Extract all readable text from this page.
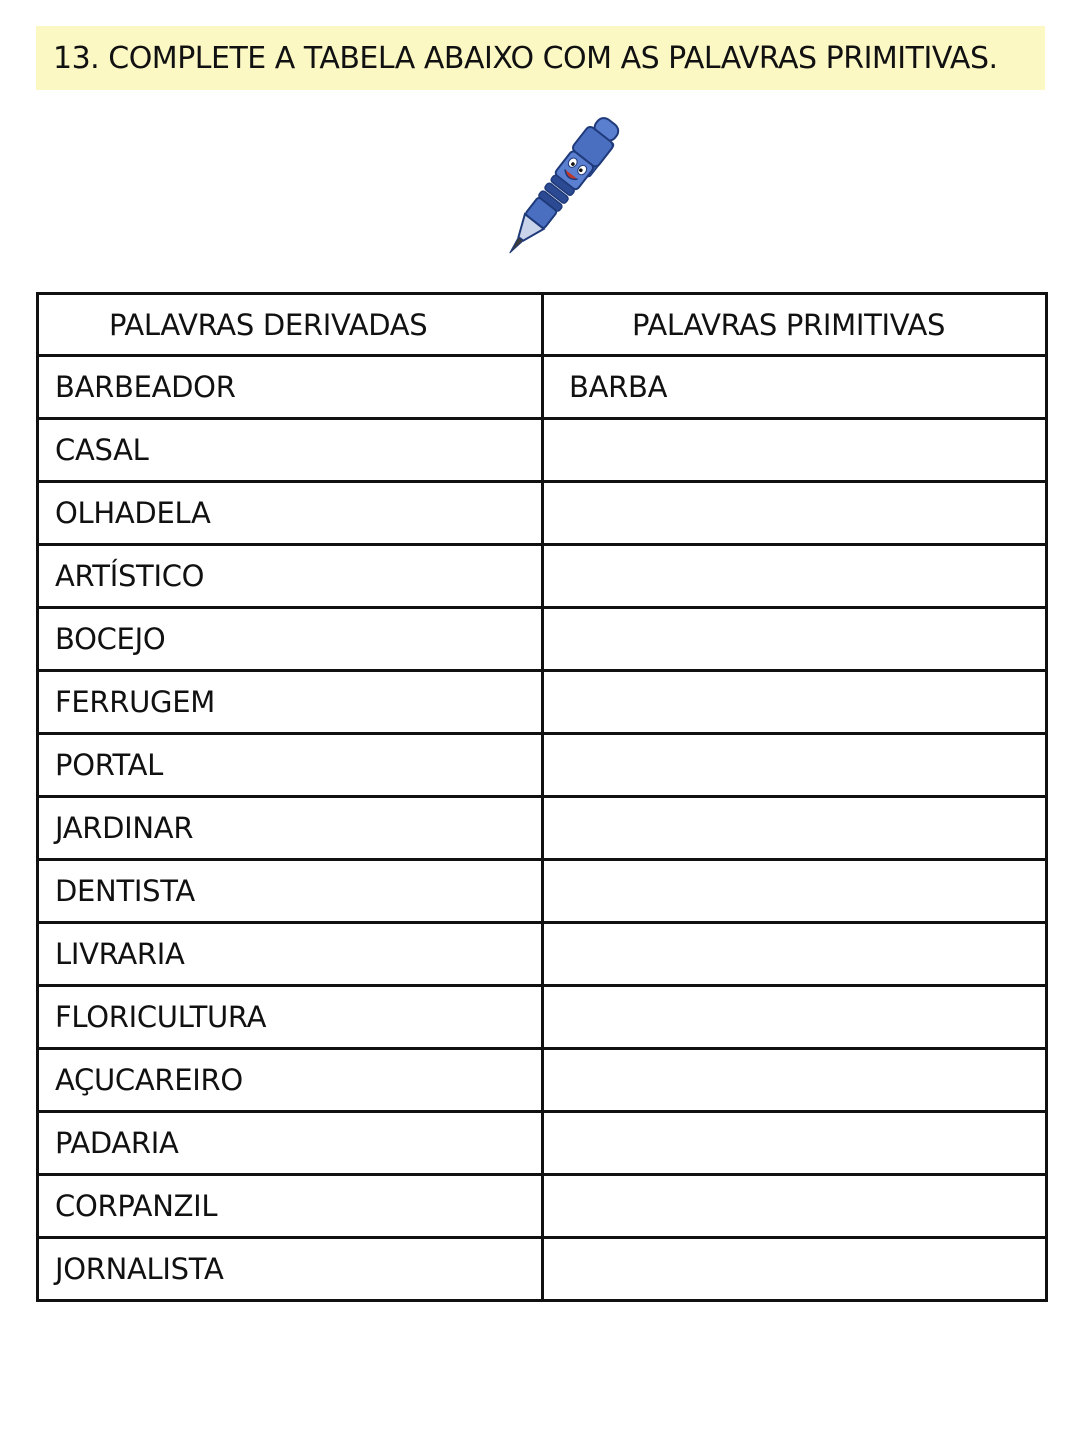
13. COMPLETE A TABELA ABAIXO COM AS PALAVRAS PRIMITIVAS.
PALAVRAS DERIVADAS	PALAVRAS PRIMITIVAS
BARBEADOR	BARBA
CASAL	
OLHADELA	
ARTÍSTICO	
BOCEJO	
FERRUGEM	
PORTAL	
JARDINAR	
DENTISTA	
LIVRARIA	
FLORICULTURA	
AÇUCAREIRO	
PADARIA	
CORPANZIL	
JORNALISTA	
